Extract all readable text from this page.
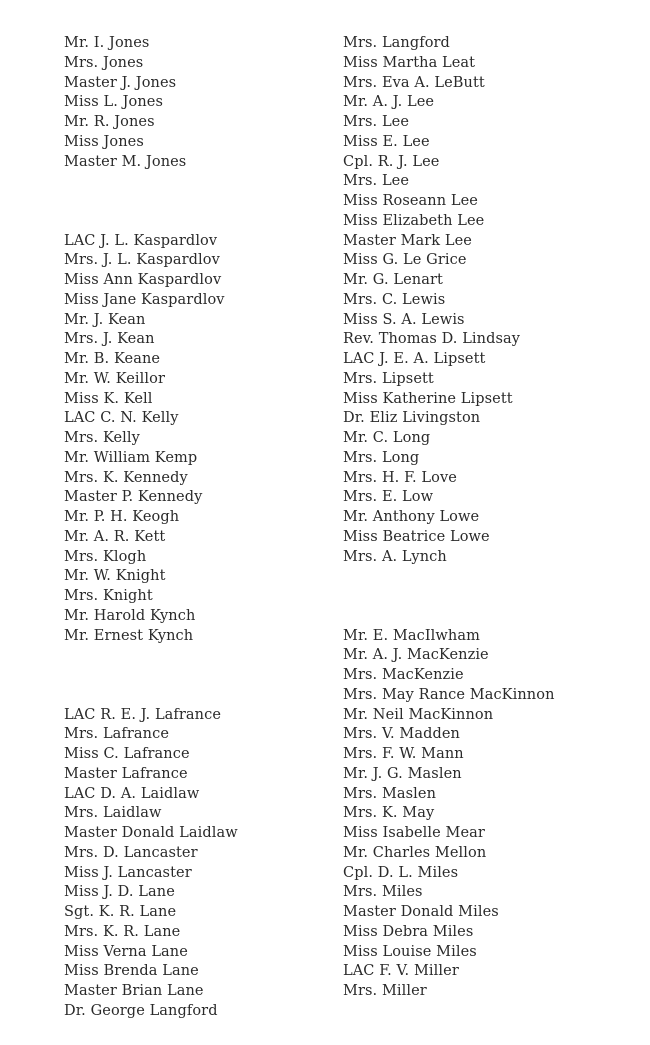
Mr. I. Jones
Mrs. Jones
Master J. Jones
Miss L. Jones
Mr. R. Jones
Miss Jones
Master M. Jones
LAC J. L. Kaspardlov
Mrs. J. L. Kaspardlov
Miss Ann Kaspardlov
Miss Jane Kaspardlov
Mr. J. Kean
Mrs. J. Kean
Mr. B. Keane
Mr. W. Keillor
Miss K. Kell
LAC C. N. Kelly
Mrs. Kelly
Mr. William Kemp
Mrs. K. Kennedy
Master P. Kennedy
Mr. P. H. Keogh
Mr. A. R. Kett
Mrs. Klogh
Mr. W. Knight
Mrs. Knight
Mr. Harold Kynch
Mr. Ernest Kynch
LAC R. E. J. Lafrance
Mrs. Lafrance
Miss C. Lafrance
Master Lafrance
LAC D. A. Laidlaw
Mrs. Laidlaw
Master Donald Laidlaw
Mrs. D. Lancaster
Miss J. Lancaster
Miss J. D. Lane
Sgt. K. R. Lane
Mrs. K. R. Lane
Miss Verna Lane
Miss Brenda Lane
Master Brian Lane
Dr. George Langford
Mrs. Langford
Miss Martha Leat
Mrs. Eva A. LeButt
Mr. A. J. Lee
Mrs. Lee
Miss E. Lee
Cpl. R. J. Lee
Mrs. Lee
Miss Roseann Lee
Miss Elizabeth Lee
Master Mark Lee
Miss G. Le Grice
Mr. G. Lenart
Mrs. C. Lewis
Miss S. A. Lewis
Rev. Thomas D. Lindsay
LAC J. E. A. Lipsett
Mrs. Lipsett
Miss Katherine Lipsett
Dr. Eliz Livingston
Mr. C. Long
Mrs. Long
Mrs. H. F. Love
Mrs. E. Low
Mr. Anthony Lowe
Miss Beatrice Lowe
Mrs. A. Lynch
Mr. E. MacIlwham
Mr. A. J. MacKenzie
Mrs. MacKenzie
Mrs. May Rance MacKinnon
Mr. Neil MacKinnon
Mrs. V. Madden
Mrs. F. W. Mann
Mr. J. G. Maslen
Mrs. Maslen
Mrs. K. May
Miss Isabelle Mear
Mr. Charles Mellon
Cpl. D. L. Miles
Mrs. Miles
Master Donald Miles
Miss Debra Miles
Miss Louise Miles
LAC F. V. Miller
Mrs. Miller
